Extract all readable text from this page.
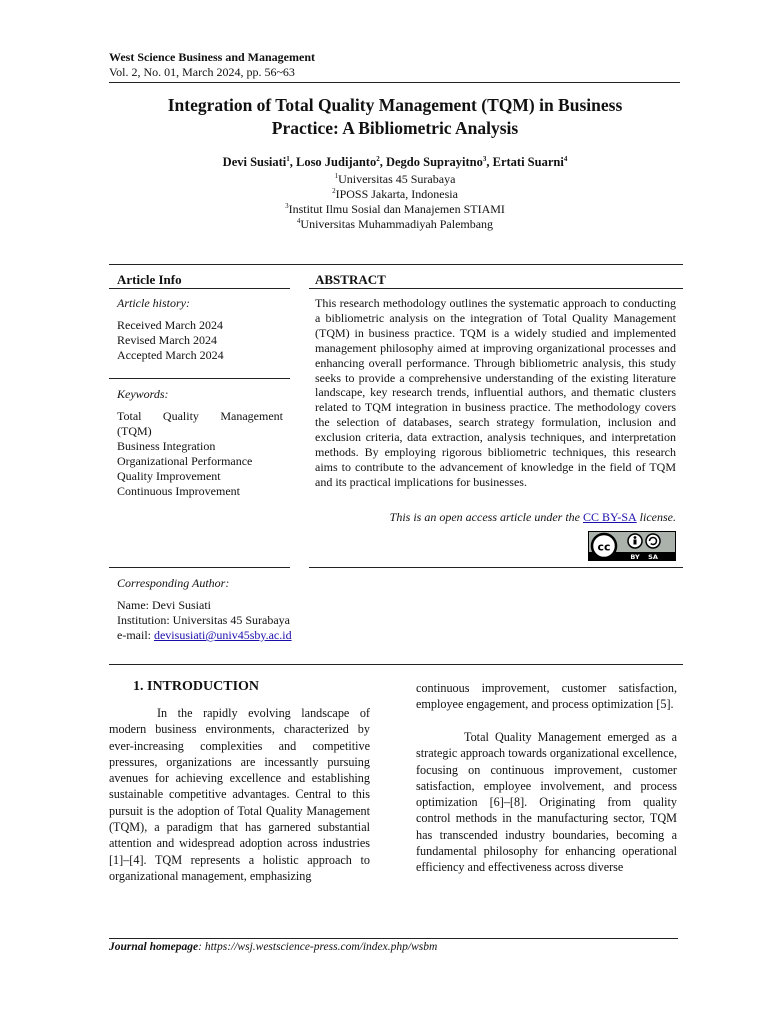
West Science Business and Management
Vol. 2, No. 01, March 2024, pp. 56~63
Integration of Total Quality Management (TQM) in Business
Practice: A Bibliometric Analysis
Devi Susiati$^1$, Loso Judijanto$^2$, Degdo Suprayitno$^3$, Ertati Suarni$^4$
$^1$Universitas 45 Surabaya
$^2$IPOSS Jakarta, Indonesia
$^3$Institut Ilmu Sosial dan Manajemen STIAMI
$^4$Universitas Muhammadiyah Palembang
Article Info
Article history:
Received March 2024
Revised March 2024
Accepted March 2024
Keywords:
Total Quality Management (TQM)
Business Integration
Organizational Performance
Quality Improvement
Continuous Improvement
ABSTRACT
This research methodology outlines the systematic approach to conducting a bibliometric analysis on the integration of Total Quality Management (TQM) in business practice. TQM is a widely studied and implemented management philosophy aimed at improving organizational processes and enhancing overall performance. Through bibliometric analysis, this study seeks to provide a comprehensive understanding of the existing literature landscape, key research trends, influential authors, and thematic clusters related to TQM integration in business practice. The methodology covers the selection of databases, search strategy formulation, inclusion and exclusion criteria, data extraction, analysis techniques, and interpretation methods. By employing rigorous bibliometric techniques, this research aims to contribute to the advancement of knowledge in the field of TQM and its practical implications for businesses.
This is an open access article under the CC BY-SA license.
cc
BY SA
Corresponding Author:
Name: Devi Susiati
Institution: Universitas 45 Surabaya
e-mail: devisusiati@univ45sby.ac.id
1. INTRODUCTION
In the rapidly evolving landscape of modern business environments, characterized by ever-increasing complexities and competitive pressures, organizations are incessantly pursuing avenues for achieving excellence and establishing sustainable competitive advantages. Central to this pursuit is the adoption of Total Quality Management (TQM), a paradigm that has garnered substantial attention and widespread adoption across industries [1]–[4]. TQM represents a holistic approach to organizational management, emphasizing
continuous improvement, customer satisfaction, employee engagement, and process optimization [5].
Total Quality Management emerged as a strategic approach towards organizational excellence, focusing on continuous improvement, customer satisfaction, employee involvement, and process optimization [6]–[8]. Originating from quality control methods in the manufacturing sector, TQM has transcended industry boundaries, becoming a fundamental philosophy for enhancing operational efficiency and effectiveness across diverse
Journal homepage: https://wsj.westscience-press.com/index.php/wsbm
